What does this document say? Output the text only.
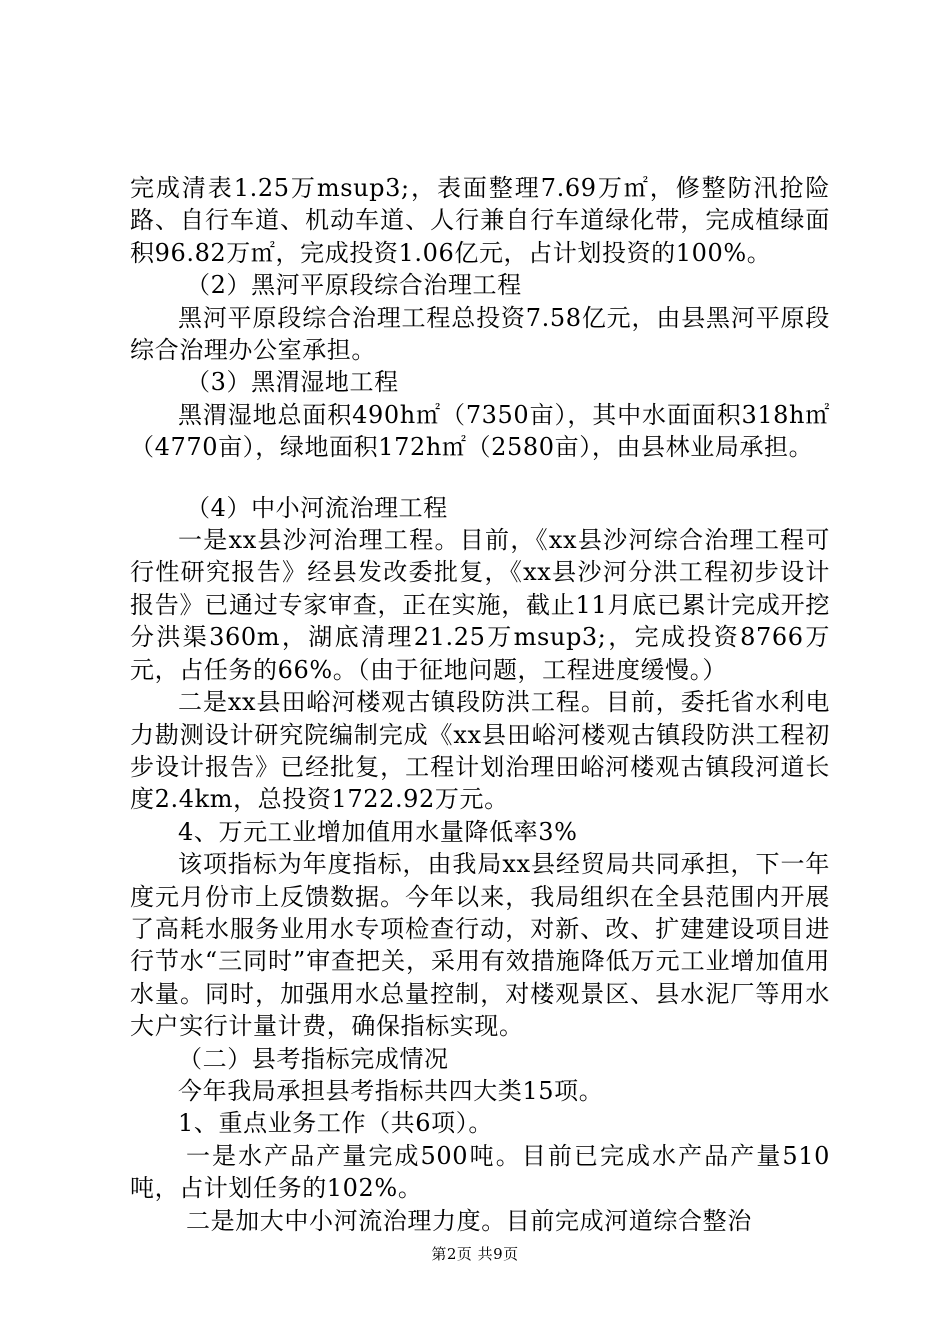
完成清表1.25万msup3;，表面整理7.69万㎡，修整防汛抢险路、自行车道、机动车道、人行兼自行车道绿化带，完成植绿面积96.82万㎡，完成投资1.06亿元，占计划投资的100%。

（2）黑河平原段综合治理工程

黑河平原段综合治理工程总投资7.58亿元，由县黑河平原段综合治理办公室承担。

（3）黑渭湿地工程

黑渭湿地总面积490h㎡（7350亩），其中水面面积318h㎡（4770亩），绿地面积172h㎡（2580亩），由县林业局承担。

（4）中小河流治理工程

一是xx县沙河治理工程。目前，《xx县沙河综合治理工程可行性研究报告》经县发改委批复，《xx县沙河分洪工程初步设计报告》已通过专家审查，正在实施，截止11月底已累计完成开挖分洪渠360m，湖底清理21.25万msup3;，完成投资8766万元，占任务的66%。（由于征地问题，工程进度缓慢。）

二是xx县田峪河楼观古镇段防洪工程。目前，委托省水利电力勘测设计研究院编制完成《xx县田峪河楼观古镇段防洪工程初步设计报告》已经批复，工程计划治理田峪河楼观古镇段河道长度2.4km，总投资1722.92万元。

4、万元工业增加值用水量降低率3%

该项指标为年度指标，由我局xx县经贸局共同承担，下一年度元月份市上反馈数据。今年以来，我局组织在全县范围内开展了高耗水服务业用水专项检查行动，对新、改、扩建建设项目进行节水“三同时”审查把关，采用有效措施降低万元工业增加值用水量。同时，加强用水总量控制，对楼观景区、县水泥厂等用水大户实行计量计费，确保指标实现。

（二）县考指标完成情况

今年我局承担县考指标共四大类15项。

1、重点业务工作（共6项）。

一是水产品产量完成500吨。目前已完成水产品产量510吨，占计划任务的102%。

二是加大中小河流治理力度。目前完成河道综合整治

第2页 共9页
